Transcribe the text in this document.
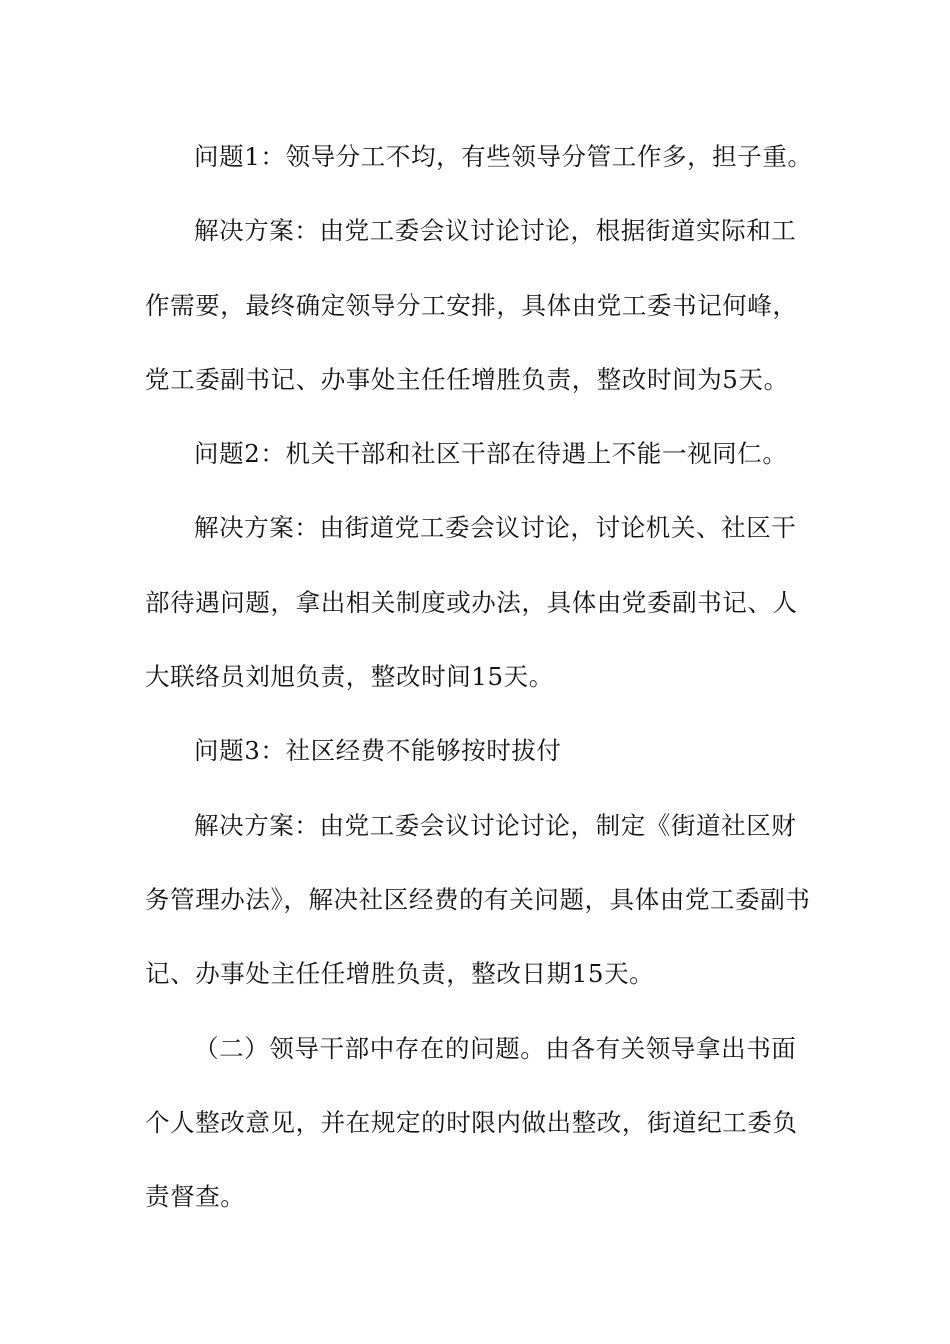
问题1：领导分工不均，有些领导分管工作多，担子重。

解决方案：由党工委会议讨论讨论，根据街道实际和工作需要，最终确定领导分工安排，具体由党工委书记何峰，党工委副书记、办事处主任任增胜负责，整改时间为5天。

问题2：机关干部和社区干部在待遇上不能一视同仁。

解决方案：由街道党工委会议讨论，讨论机关、社区干部待遇问题，拿出相关制度或办法，具体由党委副书记、人大联络员刘旭负责，整改时间15天。

问题3：社区经费不能够按时拔付

解决方案：由党工委会议讨论讨论，制定《街道社区财务管理办法》，解决社区经费的有关问题，具体由党工委副书记、办事处主任任增胜负责，整改日期15天。

（二）领导干部中存在的问题。由各有关领导拿出书面个人整改意见，并在规定的时限内做出整改，街道纪工委负责督查。
